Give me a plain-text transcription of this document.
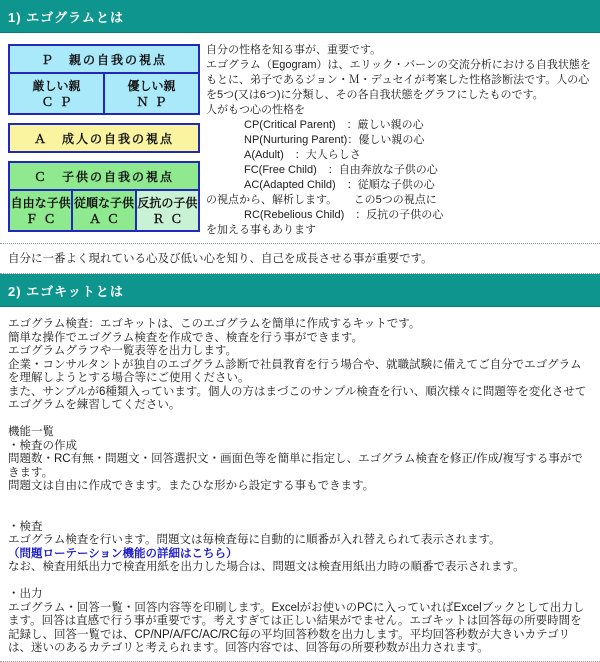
1) エゴグラムとは
Ｐ　親の自我の視点
厳しい親
ＣＰ
優しい親
ＮＰ
Ａ　成人の自我の視点
Ｃ　子供の自我の視点
自由な子供
ＦＣ
従順な子供
ＡＣ
反抗の子供
ＲＣ
自分の性格を知る事が、重要です。
エゴグラム（Egogram）は、エリック・バーンの交流分析における自我状態をもとに、弟子であるジョン・Ｍ・デュセイが考案した性格診断法です。人の心を5つ(又は6つ)に分類し、その各自我状態をグラフにしたものです。
人がもつ心の性格を
CP(Critical Parent)　：厳しい親の心
NP(Nurturing Parent)：優しい親の心
A(Adult)　：大人らしさ
FC(Free Child)　：自由奔放な子供の心
AC(Adapted Child)　：従順な子供の心
の視点から、解析します。　　この5つの視点に
RC(Rebelious Child)　：反抗の子供の心
を加える事もあります
自分に一番よく現れている心及び低い心を知り、自己を成長させる事が重要です。
2) エゴキットとは
エゴグラム検査：エゴキットは、このエゴグラムを簡単に作成するキットです。
簡単な操作でエゴグラム検査を作成でき、検査を行う事ができます。
エゴグラムグラフや一覧表等を出力します。
企業・コンサルタントが独自のエゴグラム診断で社員教育を行う場合や、就職試験に備えてご自分でエゴグラムを理解しようとする場合等にご使用ください。
また、サンプルが6種類入っています。個人の方はまづこのサンプル検査を行い、順次様々に問題等を変化させてエゴグラムを練習してください。

機能一覧
・検査の作成
問題数・RC有無・問題文・回答選択文・画面色等を簡単に指定し、エゴグラム検査を修正/作成/複写する事ができます。
問題文は自由に作成できます。またひな形から設定する事もできます。

・検査
エゴグラム検査を行います。問題文は毎検査毎に自動的に順番が入れ替えられて表示されます。
（問題ローテーション機能の詳細はこちら）
なお、検査用紙出力で検査用紙を出力した場合は、問題文は検査用紙出力時の順番で表示されます。

・出力
エゴグラム・回答一覧・回答内容等を印刷します。Excelがお使いのPCに入っていればExcelブックとして出力します。回答は直感で行う事が重要です。考えすぎては正しい結果がでません。エゴキットは回答毎の所要時間を記録し、回答一覧では、CP/NP/A/FC/AC/RC毎の平均回答秒数を出力します。平均回答秒数が大きいカテゴリは、迷いのあるカテゴリと考えられます。回答内容では、回答毎の所要秒数が出力されます。
